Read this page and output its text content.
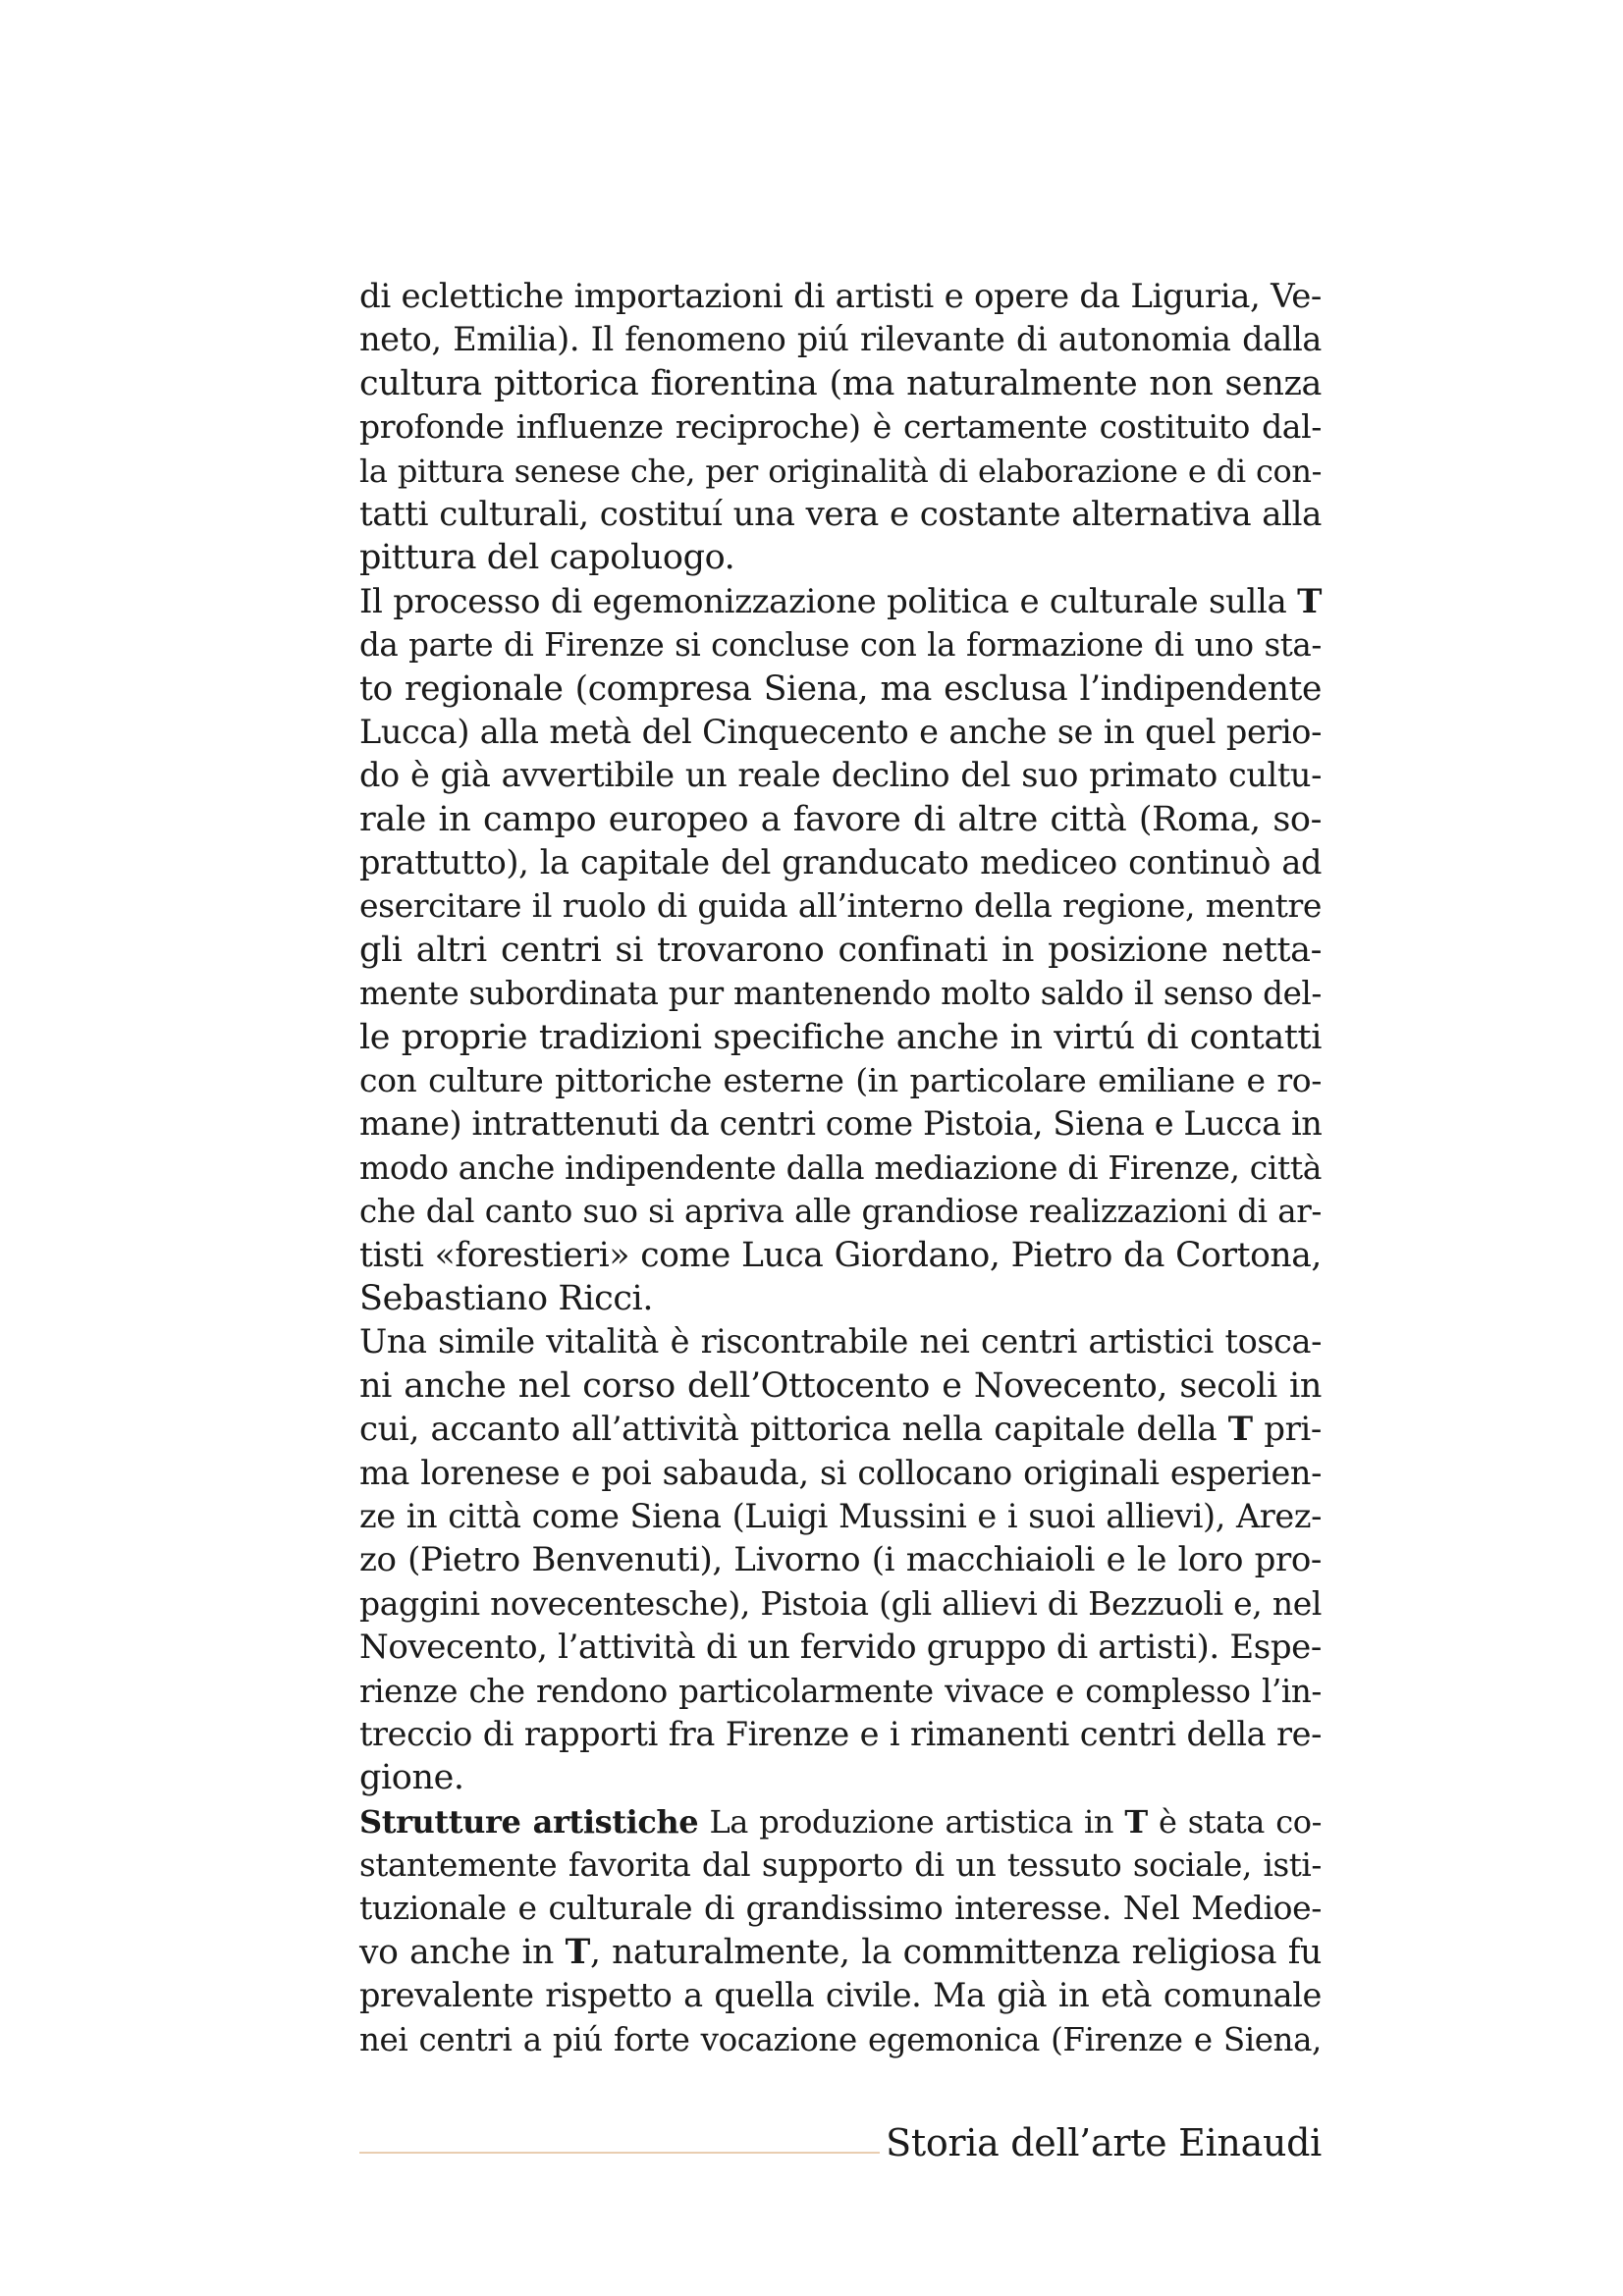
di eclettiche importazioni di artisti e opere da Liguria, Ve-
neto, Emilia). Il fenomeno piú rilevante di autonomia dalla
cultura pittorica fiorentina (ma naturalmente non senza
profonde influenze reciproche) è certamente costituito dal-
la pittura senese che, per originalità di elaborazione e di con-
tatti culturali, costituí una vera e costante alternativa alla
pittura del capoluogo.
Il processo di egemonizzazione politica e culturale sulla T
da parte di Firenze si concluse con la formazione di uno sta-
to regionale (compresa Siena, ma esclusa l’indipendente
Lucca) alla metà del Cinquecento e anche se in quel perio-
do è già avvertibile un reale declino del suo primato cultu-
rale in campo europeo a favore di altre città (Roma, so-
prattutto), la capitale del granducato mediceo continuò ad
esercitare il ruolo di guida all’interno della regione, mentre
gli altri centri si trovarono confinati in posizione netta-
mente subordinata pur mantenendo molto saldo il senso del-
le proprie tradizioni specifiche anche in virtú di contatti
con culture pittoriche esterne (in particolare emiliane e ro-
mane) intrattenuti da centri come Pistoia, Siena e Lucca in
modo anche indipendente dalla mediazione di Firenze, città
che dal canto suo si apriva alle grandiose realizzazioni di ar-
tisti «forestieri» come Luca Giordano, Pietro da Cortona,
Sebastiano Ricci.
Una simile vitalità è riscontrabile nei centri artistici tosca-
ni anche nel corso dell’Ottocento e Novecento, secoli in
cui, accanto all’attività pittorica nella capitale della T pri-
ma lorenese e poi sabauda, si collocano originali esperien-
ze in città come Siena (Luigi Mussini e i suoi allievi), Arez-
zo (Pietro Benvenuti), Livorno (i macchiaioli e le loro pro-
paggini novecentesche), Pistoia (gli allievi di Bezzuoli e, nel
Novecento, l’attività di un fervido gruppo di artisti). Espe-
rienze che rendono particolarmente vivace e complesso l’in-
treccio di rapporti fra Firenze e i rimanenti centri della re-
gione.
Strutture artistiche La produzione artistica in T è stata co-
stantemente favorita dal supporto di un tessuto sociale, isti-
tuzionale e culturale di grandissimo interesse. Nel Medioe-
vo anche in T, naturalmente, la committenza religiosa fu
prevalente rispetto a quella civile. Ma già in età comunale
nei centri a piú forte vocazione egemonica (Firenze e Siena,
Storia dell’arte Einaudi
